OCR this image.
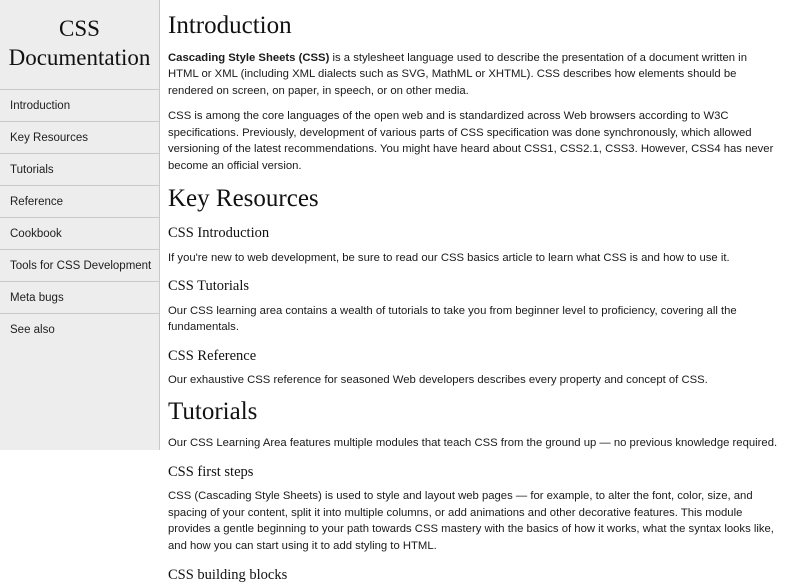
CSS Documentation
Introduction
Key Resources
Tutorials
Reference
Cookbook
Tools for CSS Development
Meta bugs
See also
Introduction

Cascading Style Sheets (CSS) is a stylesheet language used to describe the presentation of a document written in HTML or XML (including XML dialects such as SVG, MathML or XHTML). CSS describes how elements should be rendered on screen, on paper, in speech, or on other media.

CSS is among the core languages of the open web and is standardized across Web browsers according to W3C specifications. Previously, development of various parts of CSS specification was done synchronously, which allowed versioning of the latest recommendations. You might have heard about CSS1, CSS2.1, CSS3. However, CSS4 has never become an official version.

Key Resources
CSS Introduction

If you're new to web development, be sure to read our CSS basics article to learn what CSS is and how to use it.

CSS Tutorials

Our CSS learning area contains a wealth of tutorials to take you from beginner level to proficiency, covering all the fundamentals.

CSS Reference

Our exhaustive CSS reference for seasoned Web developers describes every property and concept of CSS.

Tutorials

Our CSS Learning Area features multiple modules that teach CSS from the ground up — no previous knowledge required.

CSS first steps

CSS (Cascading Style Sheets) is used to style and layout web pages — for example, to alter the font, color, size, and spacing of your content, split it into multiple columns, or add animations and other decorative features. This module provides a gentle beginning to your path towards CSS mastery with the basics of how it works, what the syntax looks like, and how you can start using it to add styling to HTML.

CSS building blocks
